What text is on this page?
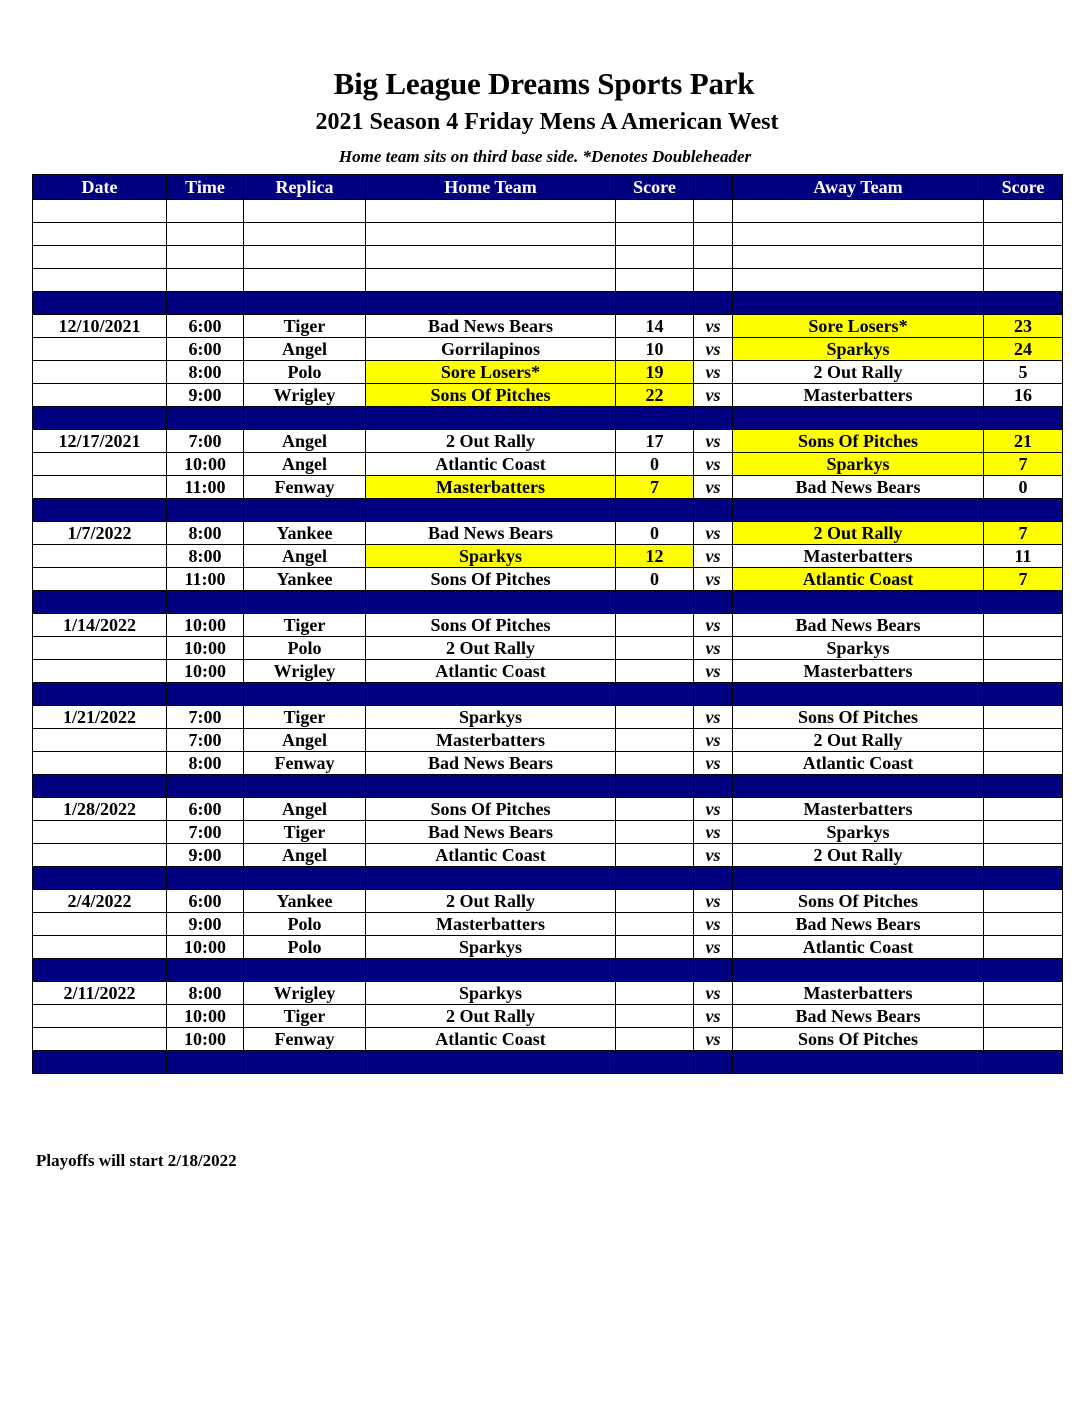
Big League Dreams Sports Park
2021 Season 4 Friday Mens A American West
Home team sits on third base side. *Denotes Doubleheader
Date	Time	Replica	Home Team	Score		Away Team	Score

12/10/2021	6:00	Tiger	Bad News Bears	14	vs	Sore Losers*	23
	6:00	Angel	Gorrilapinos	10	vs	Sparkys	24
	8:00	Polo	Sore Losers*	19	vs	2 Out Rally	5
	9:00	Wrigley	Sons Of Pitches	22	vs	Masterbatters	16

12/17/2021	7:00	Angel	2 Out Rally	17	vs	Sons Of Pitches	21
	10:00	Angel	Atlantic Coast	0	vs	Sparkys	7
	11:00	Fenway	Masterbatters	7	vs	Bad News Bears	0

1/7/2022	8:00	Yankee	Bad News Bears	0	vs	2 Out Rally	7
	8:00	Angel	Sparkys	12	vs	Masterbatters	11
	11:00	Yankee	Sons Of Pitches	0	vs	Atlantic Coast	7

1/14/2022	10:00	Tiger	Sons Of Pitches		vs	Bad News Bears	
	10:00	Polo	2 Out Rally		vs	Sparkys	
	10:00	Wrigley	Atlantic Coast		vs	Masterbatters	

1/21/2022	7:00	Tiger	Sparkys		vs	Sons Of Pitches	
	7:00	Angel	Masterbatters		vs	2 Out Rally	
	8:00	Fenway	Bad News Bears		vs	Atlantic Coast	

1/28/2022	6:00	Angel	Sons Of Pitches		vs	Masterbatters	
	7:00	Tiger	Bad News Bears		vs	Sparkys	
	9:00	Angel	Atlantic Coast		vs	2 Out Rally	

2/4/2022	6:00	Yankee	2 Out Rally		vs	Sons Of Pitches	
	9:00	Polo	Masterbatters		vs	Bad News Bears	
	10:00	Polo	Sparkys		vs	Atlantic Coast	

2/11/2022	8:00	Wrigley	Sparkys		vs	Masterbatters	
	10:00	Tiger	2 Out Rally		vs	Bad News Bears	
	10:00	Fenway	Atlantic Coast		vs	Sons Of Pitches	

Playoffs will start 2/18/2022
